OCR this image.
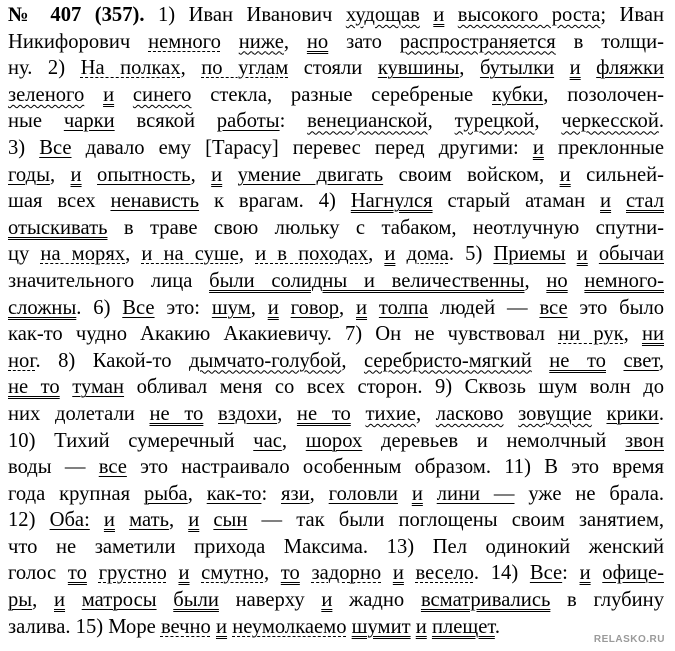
№ 407 (357). 1) Иван Иванович худощав и высокого роста; Иван
Никифорович немного ниже, но зато распространяется в толщи-
ну. 2) На полках, по углам стояли кувшины, бутылки и фляжки
зеленого и синего стекла, разные серебреные кубки, позолочен-
ные чарки всякой работы: венецианской, турецкой, черкесской.
3) Все давало ему [Тарасу] перевес перед другими: и преклонные
годы, и опытность, и умение двигать своим войском, и сильней-
шая всех ненависть к врагам. 4) Нагнулся старый атаман и стал
отыскивать в траве свою люльку с табаком, неотлучную спутни-
цу на морях, и на суше, и в походах, и дома. 5) Приемы и обычаи
значительного лица были солидны и величественны, но немного-
сложны. 6) Все это: шум, и говор, и толпа людей — все это было
как-то чудно Акакию Акакиевичу. 7) Он не чувствовал ни рук, ни
ног. 8) Какой-то дымчато-голубой, серебристо-мягкий не то свет,
не то туман обливал меня со всех сторон. 9) Сквозь шум волн до
них долетали не то вздохи, не то тихие, ласково зовущие крики.
10) Тихий сумеречный час, шорох деревьев и немолчный звон
воды — все это настраивало особенным образом. 11) В это время
года крупная рыба, как-то: язи, головли и лини — уже не брала.
12) Оба: и мать, и сын — так были поглощены своим занятием,
что не заметили прихода Максима. 13) Пел одинокий женский
голос то грустно и смутно, то задорно и весело. 14) Все: и офице-
ры, и матросы были наверху и жадно всматривались в глубину
залива. 15) Море вечно и неумолкаемо шумит и плещет.
RELASKO.RU
